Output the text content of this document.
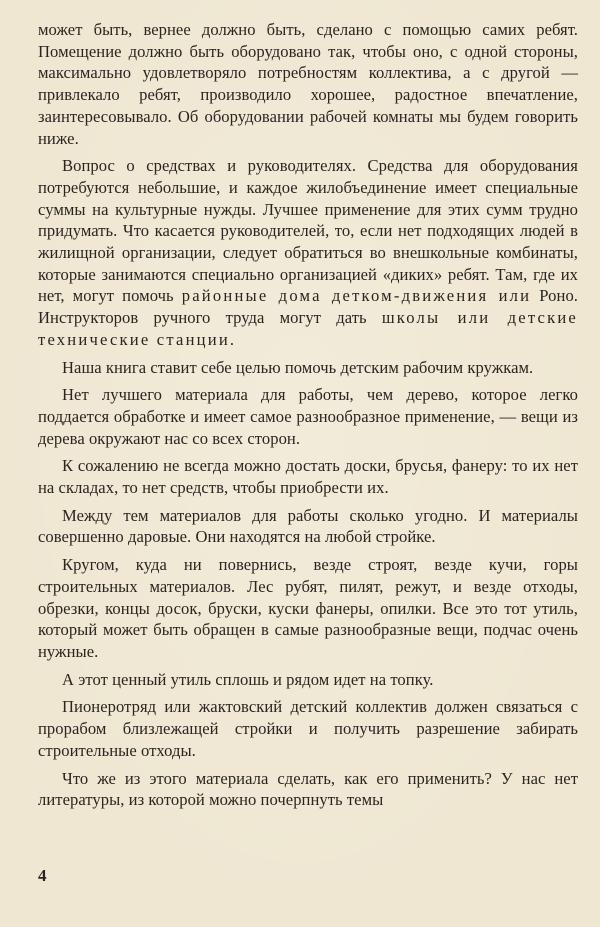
может быть, вернее должно быть, сделано с помощью самих ребят. Помещение должно быть оборудовано так, чтобы оно, с одной стороны, максимально удовлетворяло потребностям коллектива, а с другой — привлекало ребят, производило хорошее, радостное впечатление, заинтересовывало. Об оборудовании рабочей комнаты мы будем говорить ниже.

Вопрос о средствах и руководителях. Средства для оборудования потребуются небольшие, и каждое жилобъединение имеет специальные суммы на культурные нужды. Лучшее применение для этих сумм трудно придумать. Что касается руководителей, то, если нет подходящих людей в жилищной организации, следует обратиться во внешкольные комбинаты, которые занимаются специально организацией «диких» ребят. Там, где их нет, могут помочь районные дома детком-движения или Роно. Инструкторов ручного труда могут дать школы или детские технические станции.

Наша книга ставит себе целью помочь детским рабочим кружкам.

Нет лучшего материала для работы, чем дерево, которое легко поддается обработке и имеет самое разнообразное применение, — вещи из дерева окружают нас со всех сторон.

К сожалению не всегда можно достать доски, брусья, фанеру: то их нет на складах, то нет средств, чтобы приобрести их.

Между тем материалов для работы сколько угодно. И материалы совершенно даровые. Они находятся на любой стройке.

Кругом, куда ни повернись, везде строят, везде кучи, горы строительных материалов. Лес рубят, пилят, режут, и везде отходы, обрезки, концы досок, бруски, куски фанеры, опилки. Все это тот утиль, который может быть обращен в самые разнообразные вещи, подчас очень нужные.

А этот ценный утиль сплошь и рядом идет на топку.

Пионеротряд или жактовский детский коллектив должен связаться с прорабом близлежащей стройки и получить разрешение забирать строительные отходы.

Что же из этого материала сделать, как его применить? У нас нет литературы, из которой можно почерпнуть темы

4
